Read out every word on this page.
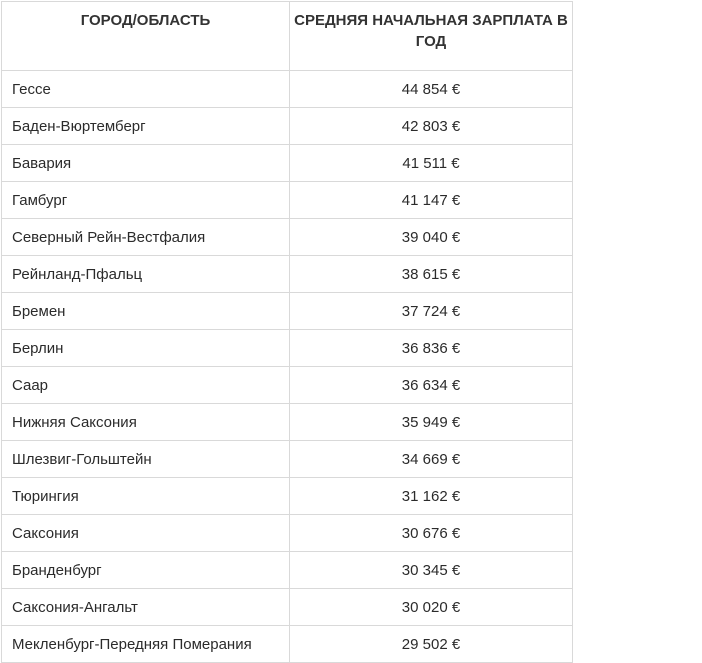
ГОРОД/ОБЛАСТЬ	СРЕДНЯЯ НАЧАЛЬНАЯ ЗАРПЛАТА В ГОД
Гессе	44 854 €
Баден-Вюртемберг	42 803 €
Бавария	41 511 €
Гамбург	41 147 €
Северный Рейн-Вестфалия	39 040 €
Рейнланд-Пфальц	38 615 €
Бремен	37 724 €
Берлин	36 836 €
Саар	36 634 €
Нижняя Саксония	35 949 €
Шлезвиг-Гольштейн	34 669 €
Тюрингия	31 162 €
Саксония	30 676 €
Бранденбург	30 345 €
Саксония-Ангальт	30 020 €
Мекленбург-Передняя Померания	29 502 €
